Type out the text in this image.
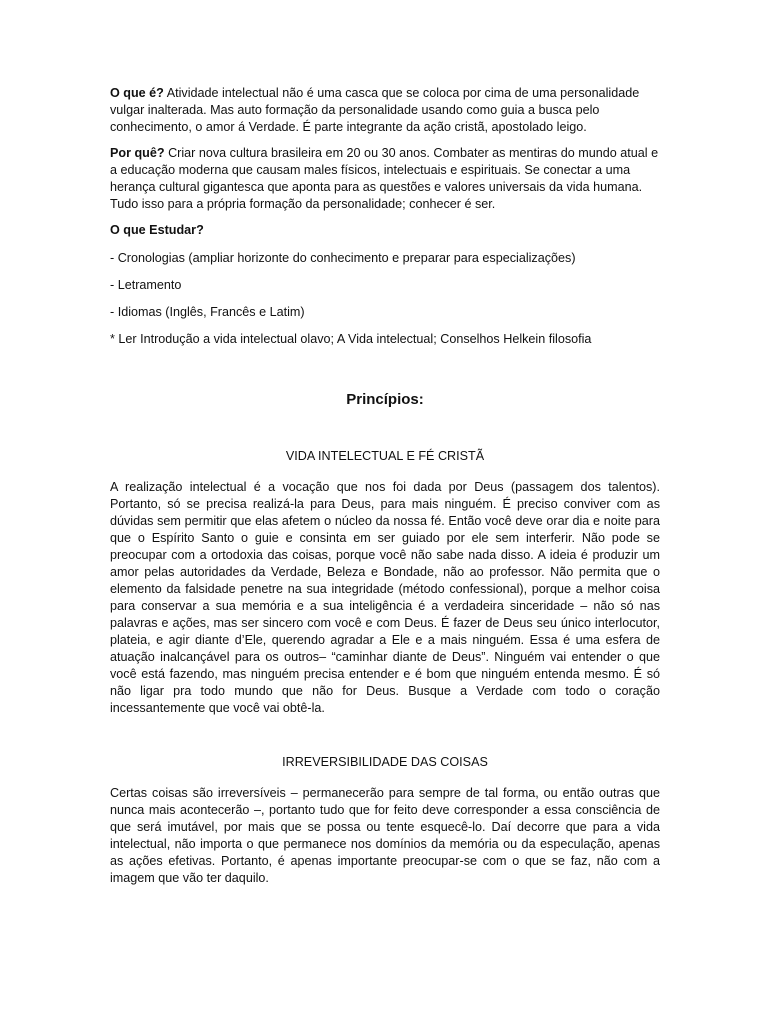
O que é? Atividade intelectual não é uma casca que se coloca por cima de uma personalidade vulgar inalterada. Mas auto formação da personalidade usando como guia a busca pelo conhecimento, o amor á Verdade. É parte integrante da ação cristã, apostolado leigo.

Por quê? Criar nova cultura brasileira em 20 ou 30 anos. Combater as mentiras do mundo atual e a educação moderna que causam males físicos, intelectuais e espirituais. Se conectar a uma herança cultural gigantesca que aponta para as questões e valores universais da vida humana. Tudo isso para a própria formação da personalidade; conhecer é ser.

O que Estudar?

- Cronologias (ampliar horizonte do conhecimento e preparar para especializações)

- Letramento

- Idiomas (Inglês, Francês e Latim)

* Ler Introdução a vida intelectual olavo; A Vida intelectual; Conselhos Helkein filosofia

Princípios:
VIDA INTELECTUAL E FÉ CRISTÃ

A realização intelectual é a vocação que nos foi dada por Deus (passagem dos talentos). Portanto, só se precisa realizá-la para Deus, para mais ninguém. É preciso conviver com as dúvidas sem permitir que elas afetem o núcleo da nossa fé. Então você deve orar dia e noite para que o Espírito Santo o guie e consinta em ser guiado por ele sem interferir. Não pode se preocupar com a ortodoxia das coisas, porque você não sabe nada disso. A ideia é produzir um amor pelas autoridades da Verdade, Beleza e Bondade, não ao professor. Não permita que o elemento da falsidade penetre na sua integridade (método confessional), porque a melhor coisa para conservar a sua memória e a sua inteligência é a verdadeira sinceridade – não só nas palavras e ações, mas ser sincero com você e com Deus. É fazer de Deus seu único interlocutor, plateia, e agir diante d’Ele, querendo agradar a Ele e a mais ninguém. Essa é uma esfera de atuação inalcançável para os outros– “caminhar diante de Deus”. Ninguém vai entender o que você está fazendo, mas ninguém precisa entender e é bom que ninguém entenda mesmo. É só não ligar pra todo mundo que não for Deus. Busque a Verdade com todo o coração incessantemente que você vai obtê-la.

IRREVERSIBILIDADE DAS COISAS

Certas coisas são irreversíveis – permanecerão para sempre de tal forma, ou então outras que nunca mais acontecerão –, portanto tudo que for feito deve corresponder a essa consciência de que será imutável, por mais que se possa ou tente esquecê-lo. Daí decorre que para a vida intelectual, não importa o que permanece nos domínios da memória ou da especulação, apenas as ações efetivas. Portanto, é apenas importante preocupar-se com o que se faz, não com a imagem que vão ter daquilo.
